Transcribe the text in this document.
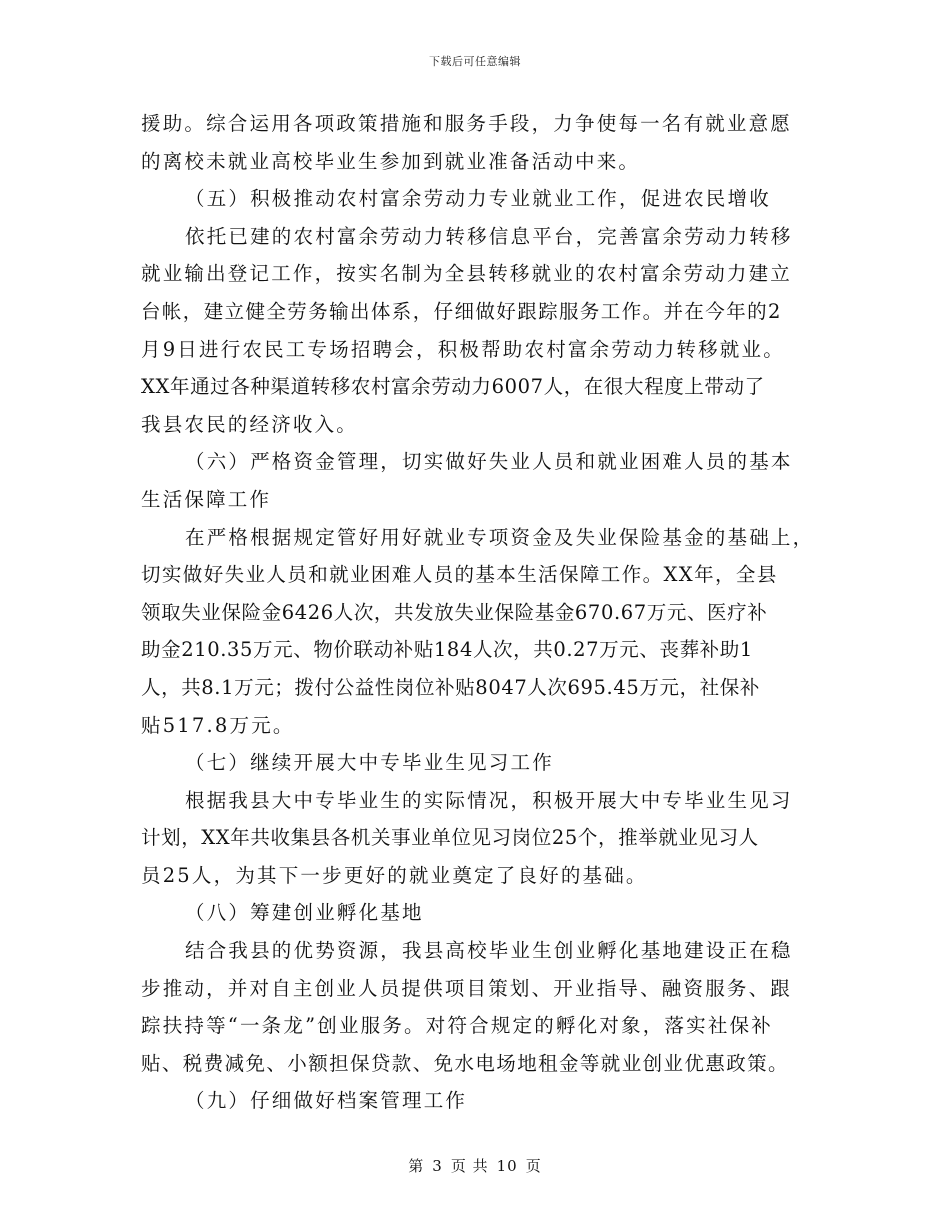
下载后可任意编辑
援助。综合运用各项政策措施和服务手段，力争使每一名有就业意愿
的离校未就业高校毕业生参加到就业准备活动中来。
（五）积极推动农村富余劳动力专业就业工作，促进农民增收
依托已建的农村富余劳动力转移信息平台，完善富余劳动力转移
就业输出登记工作，按实名制为全县转移就业的农村富余劳动力建立
台帐，建立健全劳务输出体系，仔细做好跟踪服务工作。并在今年的2
月9日进行农民工专场招聘会，积极帮助农村富余劳动力转移就业。
XX年通过各种渠道转移农村富余劳动力6007人，在很大程度上带动了
我县农民的经济收入。
（六）严格资金管理，切实做好失业人员和就业困难人员的基本
生活保障工作
在严格根据规定管好用好就业专项资金及失业保险基金的基础上，
切实做好失业人员和就业困难人员的基本生活保障工作。XX年，全县
领取失业保险金6426人次，共发放失业保险基金670.67万元、医疗补
助金210.35万元、物价联动补贴184人次，共0.27万元、丧葬补助1
人，共8.1万元；拨付公益性岗位补贴8047人次695.45万元，社保补
贴517.8万元。
（七）继续开展大中专毕业生见习工作
根据我县大中专毕业生的实际情况，积极开展大中专毕业生见习
计划，XX年共收集县各机关事业单位见习岗位25个，推举就业见习人
员25人，为其下一步更好的就业奠定了良好的基础。
（八）筹建创业孵化基地
结合我县的优势资源，我县高校毕业生创业孵化基地建设正在稳
步推动，并对自主创业人员提供项目策划、开业指导、融资服务、跟
踪扶持等“一条龙”创业服务。对符合规定的孵化对象，落实社保补
贴、税费减免、小额担保贷款、免水电场地租金等就业创业优惠政策。
（九）仔细做好档案管理工作
第 3 页 共 10 页
